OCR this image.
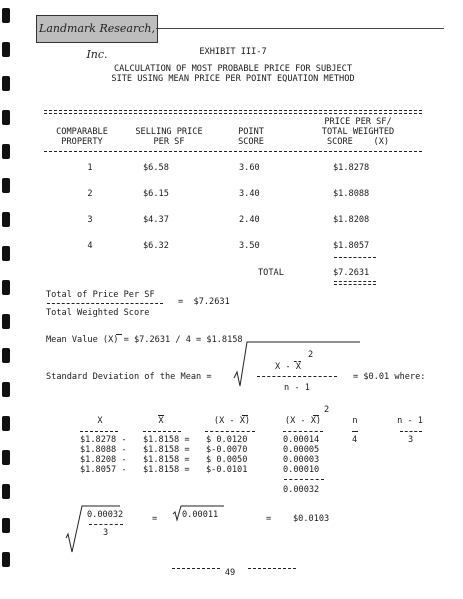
Landmark Research, Inc.	EXHIBIT III-7
CALCULATION OF MOST PROBABLE PRICE FOR SUBJECT
SITE USING MEAN PRICE PER POINT EQUATION METHOD
PRICE PER SF/
COMPARABLE	SELLING PRICE	POINT	TOTAL WEIGHTED
PROPERTY	PER SF	SCORE	SCORE    (X)
1	$6.58	3.60	$1.8278
2	$6.15	3.40	$1.8088
3	$4.37	2.40	$1.8208
4	$6.32	3.50	$1.8057
TOTAL	$7.2631
Total of Price Per SF
=  $7.2631
Total Weighted Score
Mean Value (X) = $7.2631 / 4 = $1.8158
Standard Deviation of the Mean =
X - X
2
n - 1
= $0.01 where:
X	X	(X - X)	(X - X)
2
n	n - 1
$1.8278 - $1.8158 = $ 0.0120	0.00014	4	3
$1.8088 - $1.8158 = $-0.0070	0.00005
$1.8208 - $1.8158 = $ 0.0050	0.00003
$1.8057 - $1.8158 = $-0.0101	0.00010
0.00032
0.00032
3
=	0.00011	=	$0.0103
49
